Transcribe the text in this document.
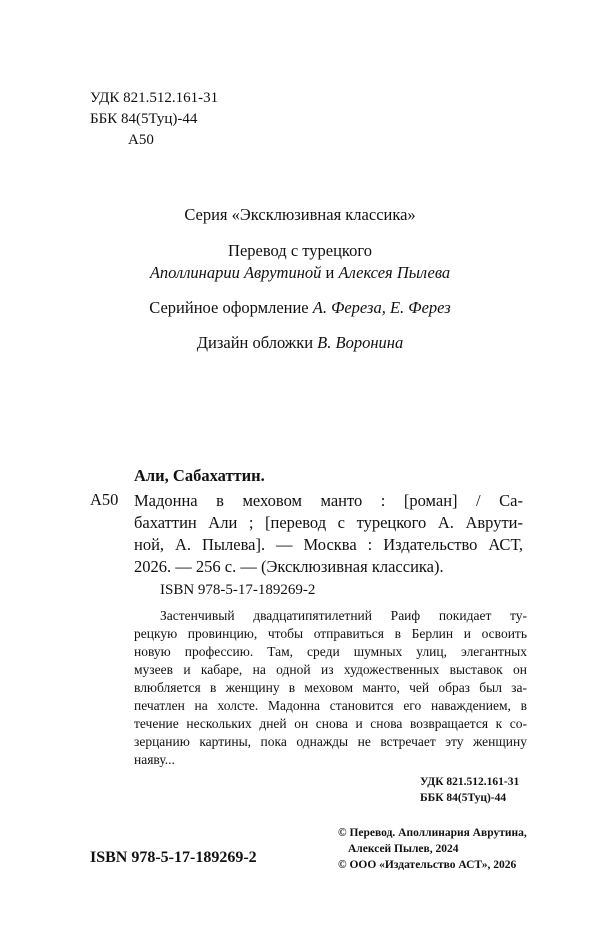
УДК 821.512.161-31
ББК 84(5Туц)-44
А50
Серия «Эксклюзивная классика»
Перевод с турецкого
Аполлинарии Аврутиной и Алексея Пылева
Серийное оформление А. Фереза, Е. Ферез
Дизайн обложки В. Воронина
Али, Сабахаттин.
А50 Мадонна в меховом манто : [роман] / Са-
бахаттин Али ; [перевод с турецкого А. Аврути-
ной, А. Пылева]. — Москва : Издательство АСТ,
2026. — 256 с. — (Эксклюзивная классика).
ISBN 978-5-17-189269-2
Застенчивый двадцатипятилетний Раиф покидает ту-
рецкую провинцию, чтобы отправиться в Берлин и освоить
новую профессию. Там, среди шумных улиц, элегантных
музеев и кабаре, на одной из художественных выставок он
влюбляется в женщину в меховом манто, чей образ был за-
печатлен на холсте. Мадонна становится его наваждением, в
течение нескольких дней он снова и снова возвращается к со-
зерцанию картины, пока однажды не встречает эту женщину
наяву...
УДК 821.512.161-31
ББК 84(5Туц)-44
© Перевод. Аполлинария Аврутина,
Алексей Пылев, 2024
© ООО «Издательство АСТ», 2026
ISBN 978-5-17-189269-2
